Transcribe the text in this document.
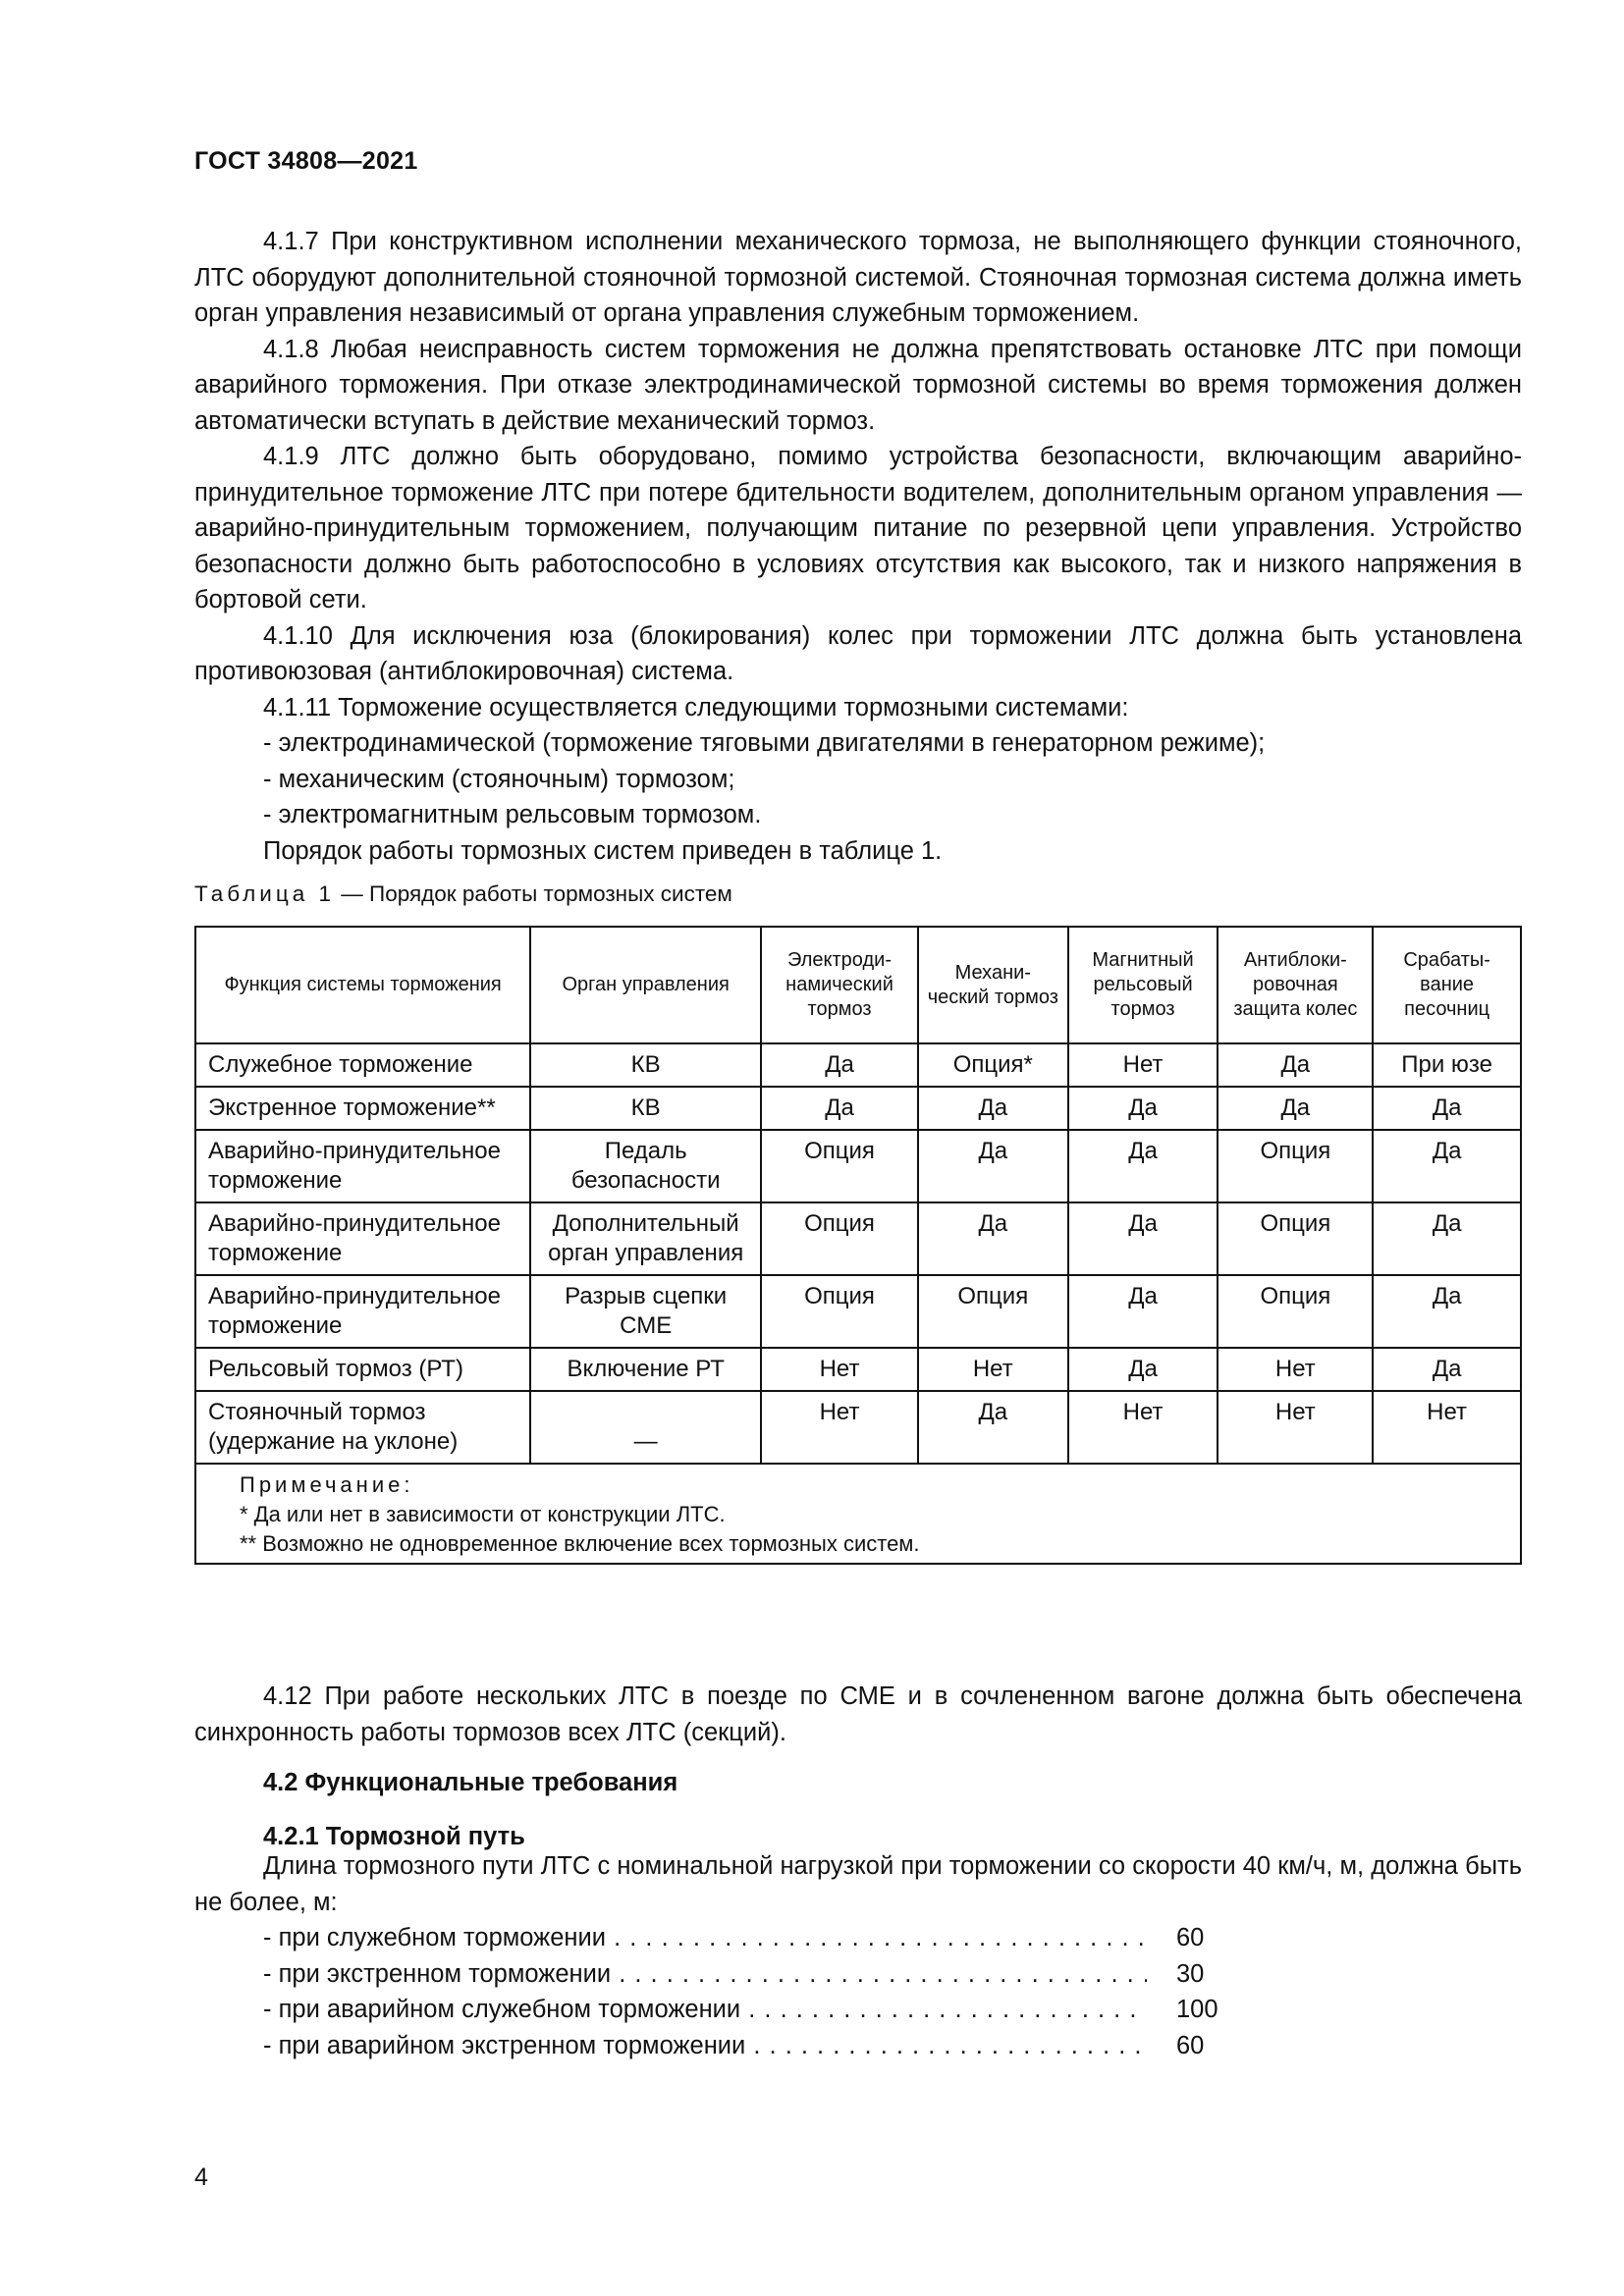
ГОСТ 34808—2021

4.1.7 При конструктивном исполнении механического тормоза, не выполняющего функции стояночного, ЛТС оборудуют дополнительной стояночной тормозной системой. Стояночная тормозная система должна иметь орган управления независимый от органа управления служебным торможением.

4.1.8 Любая неисправность систем торможения не должна препятствовать остановке ЛТС при помощи аварийного торможения. При отказе электродинамической тормозной системы во время торможения должен автоматически вступать в действие механический тормоз.

4.1.9 ЛТС должно быть оборудовано, помимо устройства безопасности, включающим аварийно-принудительное торможение ЛТС при потере бдительности водителем, дополнительным органом управления — аварийно-принудительным торможением, получающим питание по резервной цепи управления. Устройство безопасности должно быть работоспособно в условиях отсутствия как высокого, так и низкого напряжения в бортовой сети.

4.1.10 Для исключения юза (блокирования) колес при торможении ЛТС должна быть установлена противоюзовая (антиблокировочная) система.

4.1.11 Торможение осуществляется следующими тормозными системами:

- электродинамической (торможение тяговыми двигателями в генераторном режиме);

- механическим (стояночным) тормозом;

- электромагнитным рельсовым тормозом.

Порядок работы тормозных систем приведен в таблице 1.

Таблица 1 — Порядок работы тормозных систем
Функция системы торможения	Орган управления	Электроди-намический тормоз	Механи-ческий тормоз	Магнитный рельсовый тормоз	Антиблоки-ровочная защита колес	Срабаты-вание песочниц
Служебное торможение	КВ	Да	Опция*	Нет	Да	При юзе
Экстренное торможение**	КВ	Да	Да	Да	Да	Да
Аварийно-принудительное торможение	Педаль безопасности	Опция	Да	Да	Опция	Да
Аварийно-принудительное торможение	Дополнительный орган управления	Опция	Да	Да	Опция	Да
Аварийно-принудительное торможение	Разрыв сцепки СМЕ	Опция	Опция	Да	Опция	Да
Рельсовый тормоз (РТ)	Включение РТ	Нет	Нет	Да	Нет	Да
Стояночный тормоз (удержание на уклоне)	—	Нет	Да	Нет	Нет	Нет

Примечание:
* Да или нет в зависимости от конструкции ЛТС.
** Возможно не одновременное включение всех тормозных систем.						

4.12 При работе нескольких ЛТС в поезде по СМЕ и в сочлененном вагоне должна быть обеспечена синхронность работы тормозов всех ЛТС (секций).

4.2 Функциональные требования
4.2.1 Тормозной путь

Длина тормозного пути ЛТС с номинальной нагрузкой при торможении со скорости 40 км/ч, м, должна быть не более, м:

- при служебном торможении . . .	60
- при экстренном торможении . . .	30
- при аварийном служебном торможении . . .	100
- при аварийном экстренном торможении . . .	60
4
